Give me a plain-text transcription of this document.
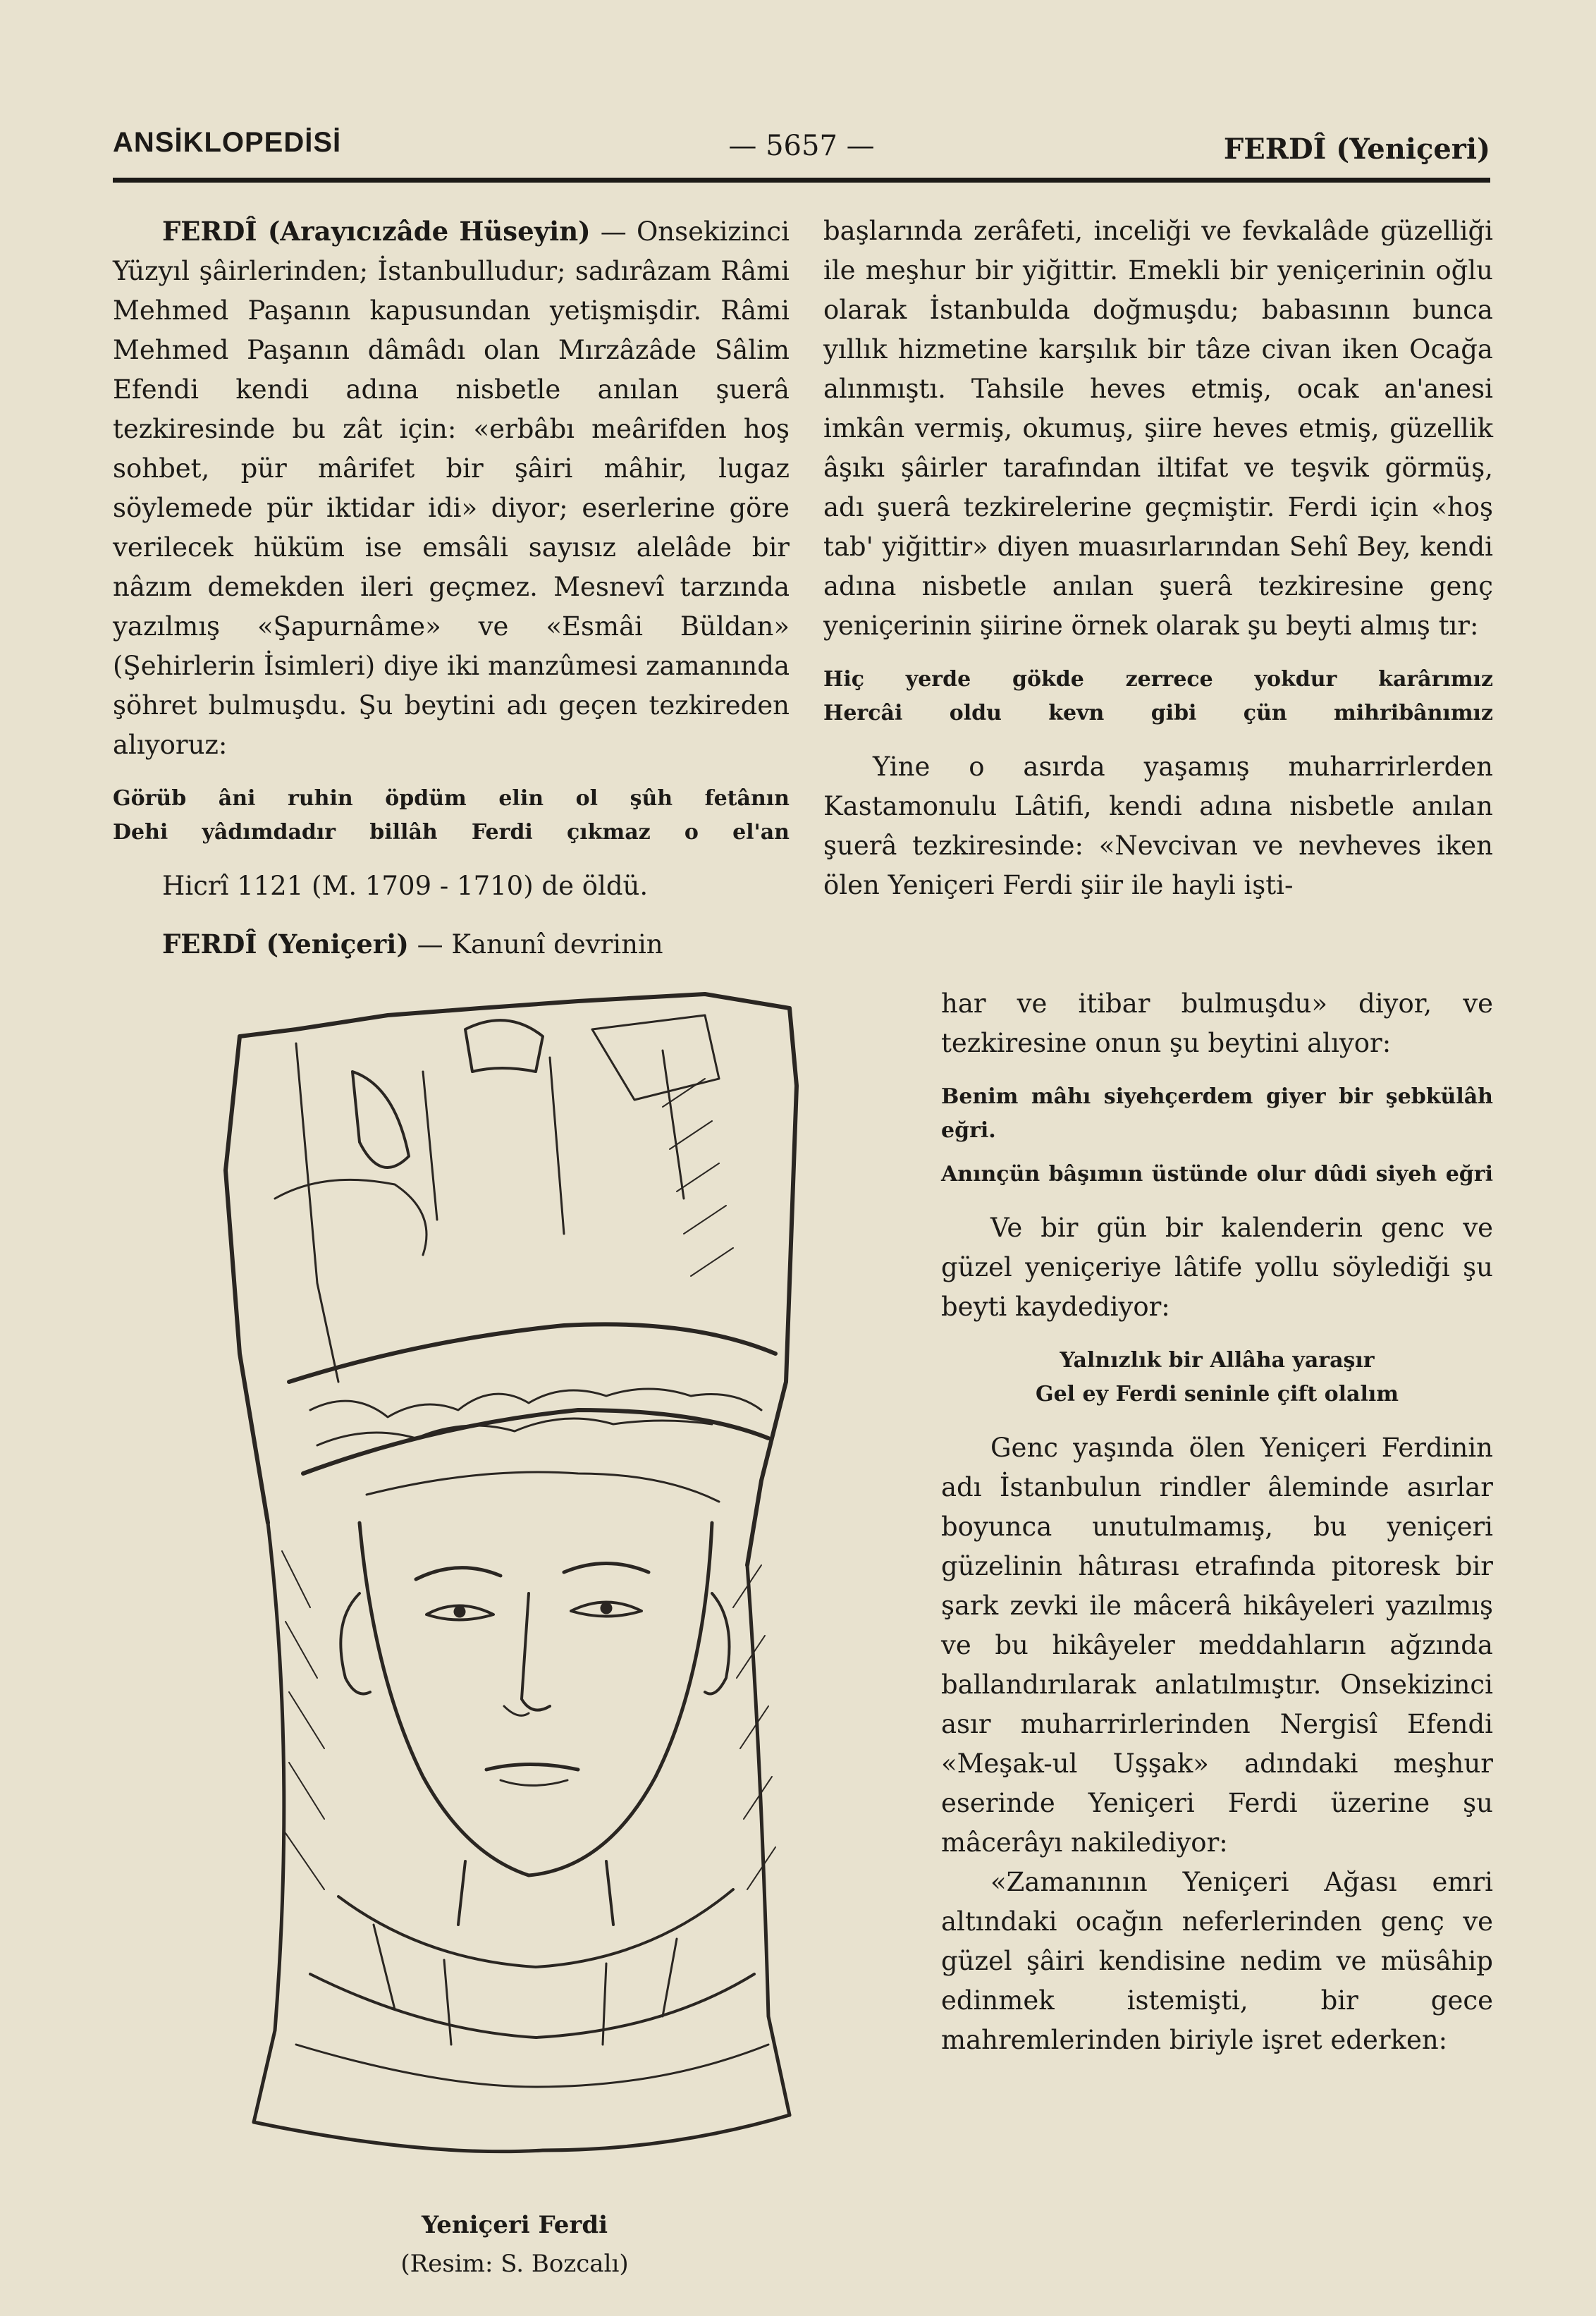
ANSİKLOPEDİSİ	— 5657 —	FERDÎ (Yeniçeri)

FERDÎ (Arayıcızâde Hüseyin) — Onsekizinci Yüzyıl şâirlerinden; İstanbulludur; sadırâzam Râmi Mehmed Paşanın kapusundan yetişmişdir. Râmi Mehmed Paşanın dâmâdı olan Mırzâzâde Sâlim Efendi kendi adına nisbetle anılan şuerâ tezkiresinde bu zât için: «erbâbı meârifden hoş sohbet, pür mârifet bir şâiri mâhir, lugaz söylemede pür iktidar idi» diyor; eserlerine göre verilecek hüküm ise emsâli sayısız alelâde bir nâzım demekden ileri geçmez. Mesnevî tarzında yazılmış «Şapurnâme» ve «Esmâi Büldan» (Şehirlerin İsimleri) diye iki manzûmesi zamanında şöhret bulmuşdu. Şu beytini adı geçen tezkireden alıyoruz:

Görüb âni ruhin öpdüm elin ol şûh fetânın
Dehi yâdımdadır billâh Ferdi çıkmaz o el'an

Hicrî 1121 (M. 1709 - 1710) de öldü.

FERDÎ (Yeniçeri) — Kanunî devrinin

Yeniçeri Ferdi
(Resim: S. Bozcalı)

başlarında zerâfeti, inceliği ve fevkalâde güzelliği ile meşhur bir yiğittir. Emekli bir yeniçerinin oğlu olarak İstanbulda doğmuşdu; babasının bunca yıllık hizmetine karşılık bir tâze civan iken Ocağa alınmıştı. Tahsile heves etmiş, ocak an'anesi imkân vermiş, okumuş, şiire heves etmiş, güzellik âşıkı şâirler tarafından iltifat ve teşvik görmüş, adı şuerâ tezkirelerine geçmiştir. Ferdi için «hoş tab' yiğittir» diyen muasırlarından Sehî Bey, kendi adına nisbetle anılan şuerâ tezkiresine genç yeniçerinin şiirine örnek olarak şu beyti almış tır:

Hiç yerde gökde zerrece yokdur karârımız
Hercâi oldu kevn gibi çün mihribânımız

Yine o asırda yaşamış muharrirlerden Kastamonulu Lâtifi, kendi adına nisbetle anılan şuerâ tezkiresinde: «Nevcivan ve nevheves iken ölen Yeniçeri Ferdi şiir ile hayli işti-

har ve itibar bulmuşdu» diyor, ve tezkiresine onun şu beytini alıyor:

Benim mâhı siyehçerdem giyer bir şebkülâh eğri.
Anınçün bâşımın üstünde olur dûdi siyeh eğri

Ve bir gün bir kalenderin genc ve güzel yeniçeriye lâtife yollu söylediği şu beyti kaydediyor:

Yalnızlık bir Allâha yaraşır
Gel ey Ferdi seninle çift olalım

Genc yaşında ölen Yeniçeri Ferdinin adı İstanbulun rindler âleminde asırlar boyunca unutulmamış, bu yeniçeri güzelinin hâtırası etrafında pitoresk bir şark zevki ile mâcerâ hikâyeleri yazılmış ve bu hikâyeler meddahların ağzında ballandırılarak anlatılmıştır. Onsekizinci asır muharrirlerinden Nergisî Efendi «Meşak-ul Uşşak» adındaki meşhur eserinde Yeniçeri Ferdi üzerine şu mâcerâyı nakilediyor:

«Zamanının Yeniçeri Ağası emri altındaki ocağın neferlerinden genç ve güzel şâiri kendisine nedim ve müsâhip edinmek istemişti, bir gece mahremlerinden biriyle işret ederken:
